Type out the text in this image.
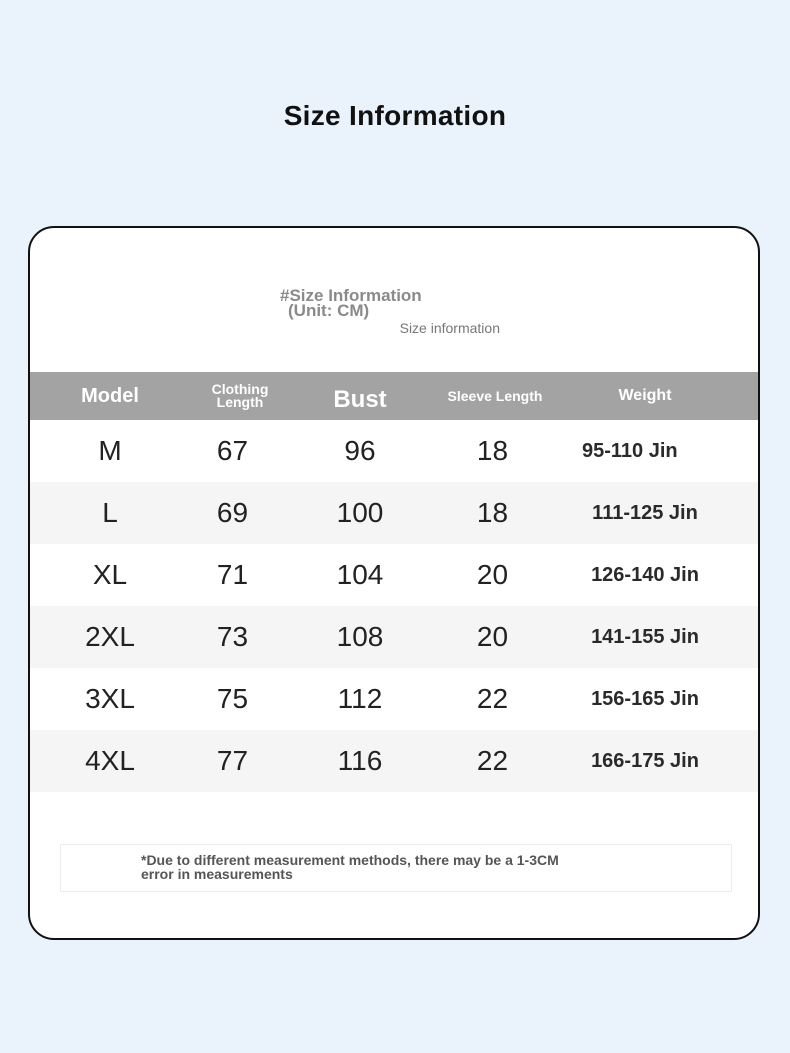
Size Information
#Size Information
(Unit: CM)
Size information
Model	Clothing Length	Bust	Sleeve Length	Weight
M	67	96	18	95-110 Jin
L	69	100	18	111-125 Jin
XL	71	104	20	126-140 Jin
2XL	73	108	20	141-155 Jin
3XL	75	112	22	156-165 Jin
4XL	77	116	22	166-175 Jin
*Due to different measurement methods, there may be a 1-3CM error in measurements
